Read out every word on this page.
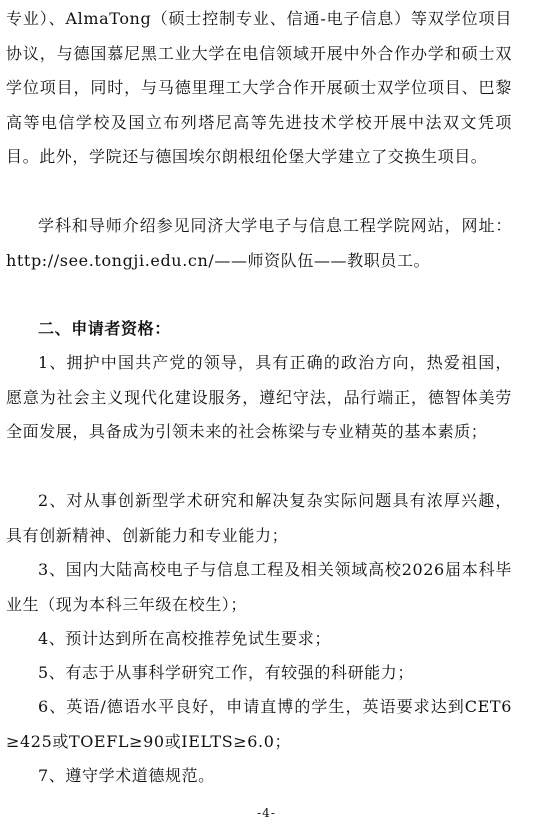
专业）、AlmaTong（硕士控制专业、信通-电子信息）等双学位项目协议，与德国慕尼黑工业大学在电信领域开展中外合作办学和硕士双学位项目，同时，与马德里理工大学合作开展硕士双学位项目、巴黎高等电信学校及国立布列塔尼高等先进技术学校开展中法双文凭项目。此外，学院还与德国埃尔朗根纽伦堡大学建立了交换生项目。
学科和导师介绍参见同济大学电子与信息工程学院网站，网址：http://see.tongji.edu.cn/——师资队伍——教职员工。
二、申请者资格：
1、拥护中国共产党的领导，具有正确的政治方向，热爱祖国，愿意为社会主义现代化建设服务，遵纪守法，品行端正，德智体美劳全面发展，具备成为引领未来的社会栋梁与专业精英的基本素质；
2、对从事创新型学术研究和解决复杂实际问题具有浓厚兴趣，具有创新精神、创新能力和专业能力；
3、国内大陆高校电子与信息工程及相关领域高校2026届本科毕业生（现为本科三年级在校生）；
4、预计达到所在高校推荐免试生要求；
5、有志于从事科学研究工作，有较强的科研能力；
6、英语/德语水平良好，申请直博的学生，英语要求达到CET6≥425或TOEFL≥90或IELTS≥6.0；
7、遵守学术道德规范。
-4-
